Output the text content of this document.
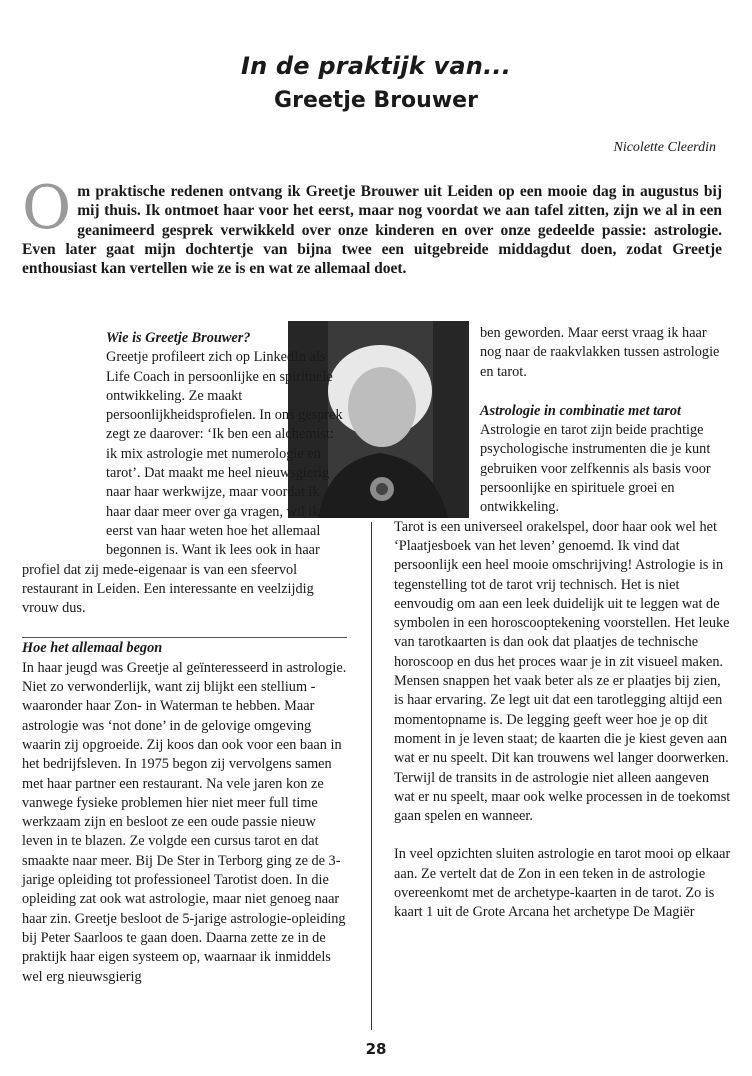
In de praktijk van...
Greetje Brouwer
Nicolette Cleerdin
Om praktische redenen ontvang ik Greetje Brouwer uit Leiden op een mooie dag in augustus bij mij thuis. Ik ontmoet haar voor het eerst, maar nog voordat we aan tafel zitten, zijn we al in een geanimeerd gesprek verwikkeld over onze kinderen en over onze gedeelde passie: astrologie. Even later gaat mijn dochtertje van bijna twee een uitgebreide middagdut doen, zodat Greetje enthousiast kan vertellen wie ze is en wat ze allemaal doet.

Wie is Greetje Brouwer?

Greetje profileert zich op LinkedIn als Life Coach in persoonlijke en spirituele ontwikkeling. Ze maakt persoonlijkheidsprofielen. In ons gesprek zegt ze daarover: ‘Ik ben een alchemist: ik mix astrologie met numerologie en tarot’. Dat maakt me heel nieuwsgierig naar haar werkwijze, maar voordat ik haar daar meer over ga vragen, wil ik eerst van haar weten hoe het allemaal begonnen is. Want ik lees ook in haar profiel dat zij mede-eigenaar is van een sfeervol restaurant in Leiden. Een interessante en veelzijdig vrouw dus.

Hoe het allemaal begon

In haar jeugd was Greetje al geïnteresseerd in astrologie. Niet zo verwonderlijk, want zij blijkt een stellium -waaronder haar Zon- in Waterman te hebben. Maar astrologie was ‘not done’ in de gelovige omgeving waarin zij opgroeide. Zij koos dan ook voor een baan in het bedrijfsleven. In 1975 begon zij vervolgens samen met haar partner een restaurant. Na vele jaren kon ze vanwege fysieke problemen hier niet meer full time werkzaam zijn en besloot ze een oude passie nieuw leven in te blazen. Ze volgde een cursus tarot en dat smaakte naar meer. Bij De Ster in Terborg ging ze de 3-jarige opleiding tot professioneel Tarotist doen. In die opleiding zat ook wat astrologie, maar niet genoeg naar haar zin. Greetje besloot de 5-jarige astrologie-opleiding bij Peter Saarloos te gaan doen. Daarna zette ze in de praktijk haar eigen systeem op, waarnaar ik inmiddels wel erg nieuwsgierig

ben geworden. Maar eerst vraag ik haar nog naar de raakvlakken tussen astrologie en tarot.

Astrologie in combinatie met tarot

Astrologie en tarot zijn beide prachtige psychologische instrumenten die je kunt gebruiken voor zelfkennis als basis voor persoonlijke en spirituele groei en ontwikkeling.

Tarot is een universeel orakelspel, door haar ook wel het ‘Plaatjesboek van het leven’ genoemd. Ik vind dat persoonlijk een heel mooie omschrijving! Astrologie is in tegenstelling tot de tarot vrij technisch. Het is niet eenvoudig om aan een leek duidelijk uit te leggen wat de symbolen in een horoscooptekening voorstellen. Het leuke van tarotkaarten is dan ook dat plaatjes de technische horoscoop en dus het proces waar je in zit visueel maken. Mensen snappen het vaak beter als ze er plaatjes bij zien, is haar ervaring. Ze legt uit dat een tarotlegging altijd een momentopname is. De legging geeft weer hoe je op dit moment in je leven staat; de kaarten die je kiest geven aan wat er nu speelt. Dit kan trouwens wel langer doorwerken. Terwijl de transits in de astrologie niet alleen aangeven wat er nu speelt, maar ook welke processen in de toekomst gaan spelen en wanneer.

In veel opzichten sluiten astrologie en tarot mooi op elkaar aan. Ze vertelt dat de Zon in een teken in de astrologie overeenkomt met de archetype-kaarten in de tarot. Zo is kaart 1 uit de Grote Arcana het archetype De Magiër

28
